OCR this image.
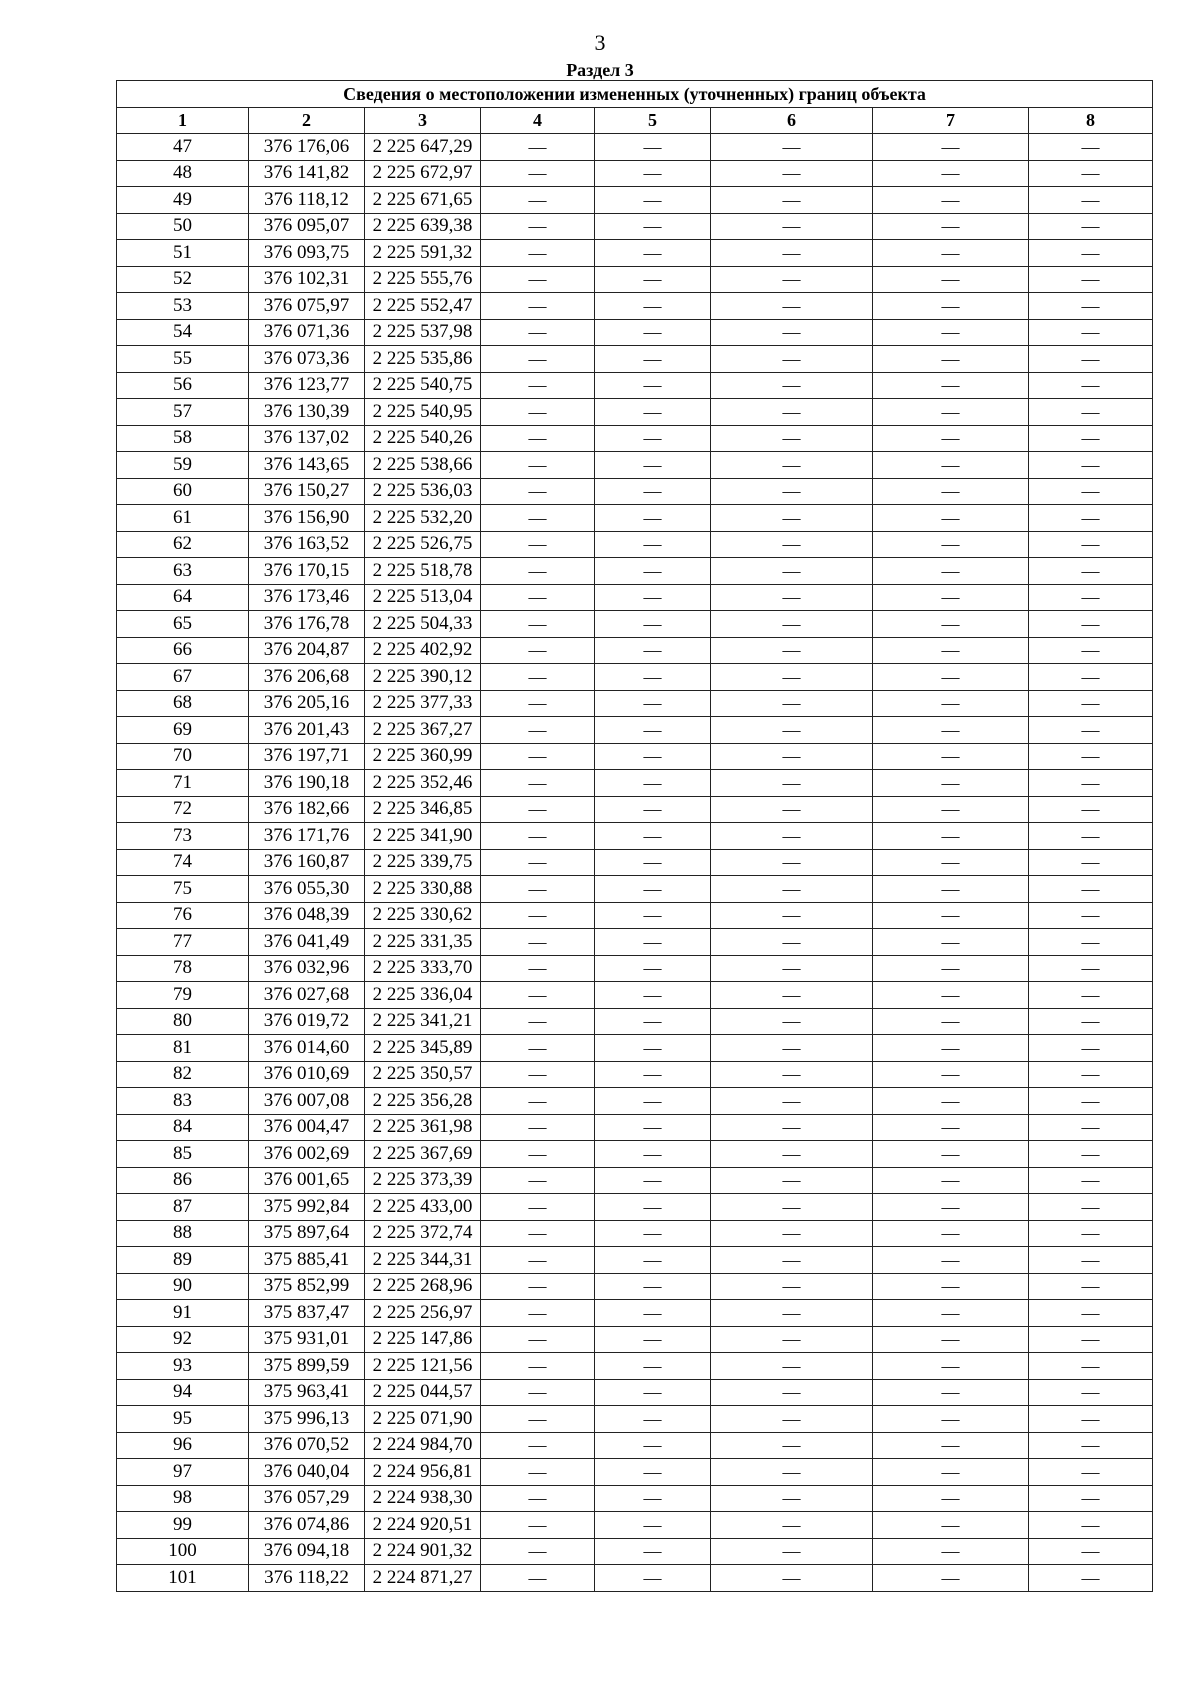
3
Раздел 3
Сведения о местоположении измененных (уточненных) границ объекта							
1	2	3	4	5	6	7	8
47	376 176,06	2 225 647,29	—	—	—	—	—
48	376 141,82	2 225 672,97	—	—	—	—	—
49	376 118,12	2 225 671,65	—	—	—	—	—
50	376 095,07	2 225 639,38	—	—	—	—	—
51	376 093,75	2 225 591,32	—	—	—	—	—
52	376 102,31	2 225 555,76	—	—	—	—	—
53	376 075,97	2 225 552,47	—	—	—	—	—
54	376 071,36	2 225 537,98	—	—	—	—	—
55	376 073,36	2 225 535,86	—	—	—	—	—
56	376 123,77	2 225 540,75	—	—	—	—	—
57	376 130,39	2 225 540,95	—	—	—	—	—
58	376 137,02	2 225 540,26	—	—	—	—	—
59	376 143,65	2 225 538,66	—	—	—	—	—
60	376 150,27	2 225 536,03	—	—	—	—	—
61	376 156,90	2 225 532,20	—	—	—	—	—
62	376 163,52	2 225 526,75	—	—	—	—	—
63	376 170,15	2 225 518,78	—	—	—	—	—
64	376 173,46	2 225 513,04	—	—	—	—	—
65	376 176,78	2 225 504,33	—	—	—	—	—
66	376 204,87	2 225 402,92	—	—	—	—	—
67	376 206,68	2 225 390,12	—	—	—	—	—
68	376 205,16	2 225 377,33	—	—	—	—	—
69	376 201,43	2 225 367,27	—	—	—	—	—
70	376 197,71	2 225 360,99	—	—	—	—	—
71	376 190,18	2 225 352,46	—	—	—	—	—
72	376 182,66	2 225 346,85	—	—	—	—	—
73	376 171,76	2 225 341,90	—	—	—	—	—
74	376 160,87	2 225 339,75	—	—	—	—	—
75	376 055,30	2 225 330,88	—	—	—	—	—
76	376 048,39	2 225 330,62	—	—	—	—	—
77	376 041,49	2 225 331,35	—	—	—	—	—
78	376 032,96	2 225 333,70	—	—	—	—	—
79	376 027,68	2 225 336,04	—	—	—	—	—
80	376 019,72	2 225 341,21	—	—	—	—	—
81	376 014,60	2 225 345,89	—	—	—	—	—
82	376 010,69	2 225 350,57	—	—	—	—	—
83	376 007,08	2 225 356,28	—	—	—	—	—
84	376 004,47	2 225 361,98	—	—	—	—	—
85	376 002,69	2 225 367,69	—	—	—	—	—
86	376 001,65	2 225 373,39	—	—	—	—	—
87	375 992,84	2 225 433,00	—	—	—	—	—
88	375 897,64	2 225 372,74	—	—	—	—	—
89	375 885,41	2 225 344,31	—	—	—	—	—
90	375 852,99	2 225 268,96	—	—	—	—	—
91	375 837,47	2 225 256,97	—	—	—	—	—
92	375 931,01	2 225 147,86	—	—	—	—	—
93	375 899,59	2 225 121,56	—	—	—	—	—
94	375 963,41	2 225 044,57	—	—	—	—	—
95	375 996,13	2 225 071,90	—	—	—	—	—
96	376 070,52	2 224 984,70	—	—	—	—	—
97	376 040,04	2 224 956,81	—	—	—	—	—
98	376 057,29	2 224 938,30	—	—	—	—	—
99	376 074,86	2 224 920,51	—	—	—	—	—
100	376 094,18	2 224 901,32	—	—	—	—	—
101	376 118,22	2 224 871,27	—	—	—	—	—
